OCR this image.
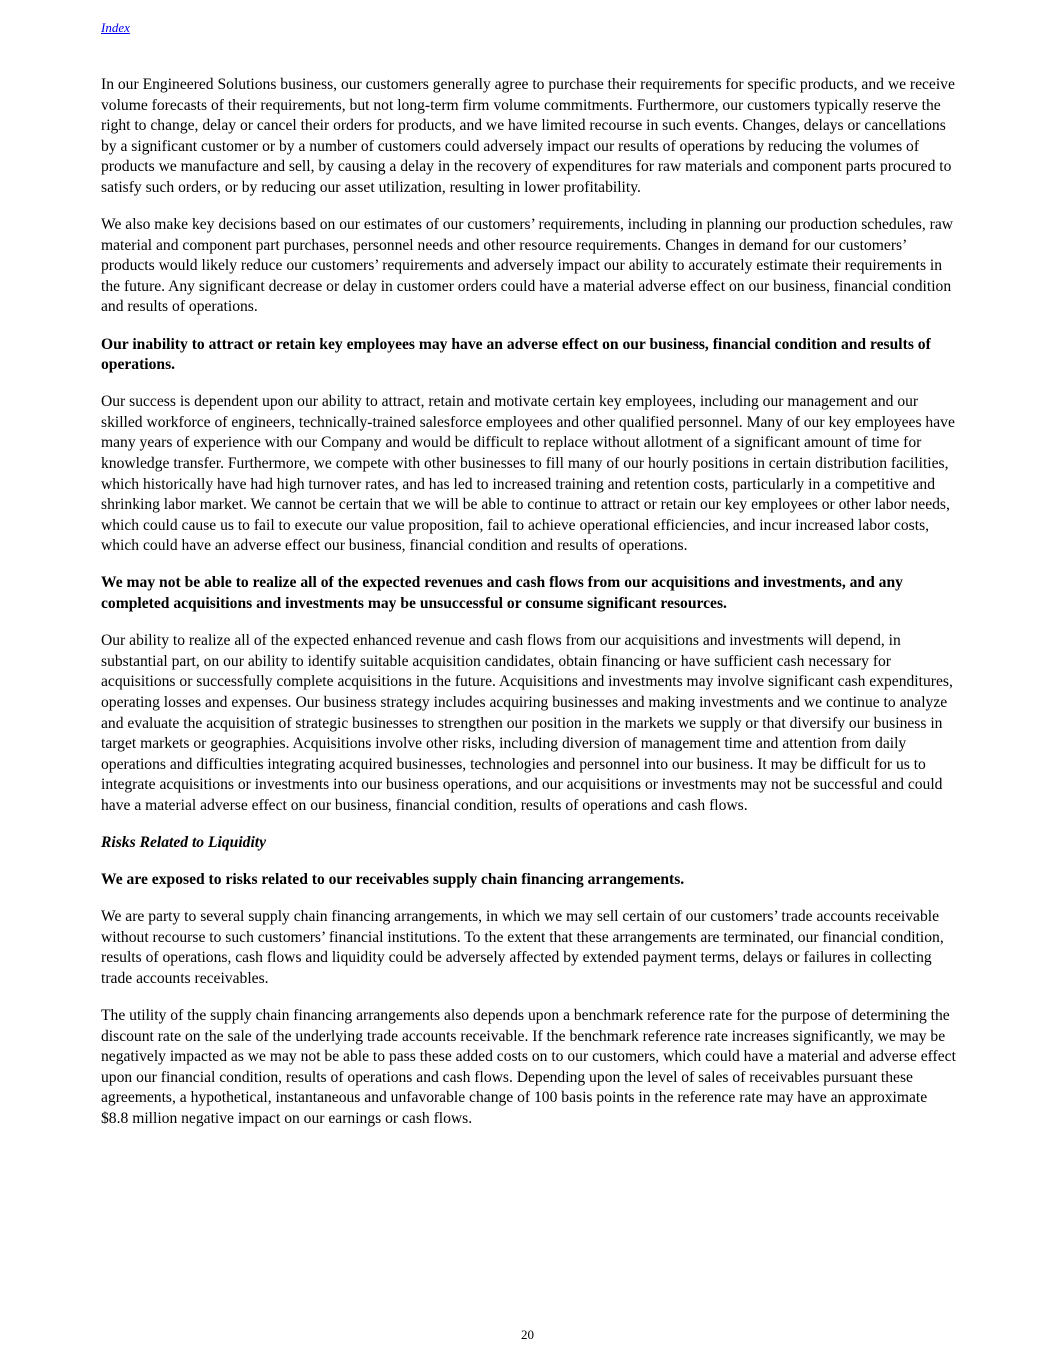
Index

In our Engineered Solutions business, our customers generally agree to purchase their requirements for specific products, and we receive volume forecasts of their requirements, but not long-term firm volume commitments. Furthermore, our customers typically reserve the right to change, delay or cancel their orders for products, and we have limited recourse in such events. Changes, delays or cancellations by a significant customer or by a number of customers could adversely impact our results of operations by reducing the volumes of products we manufacture and sell, by causing a delay in the recovery of expenditures for raw materials and component parts procured to satisfy such orders, or by reducing our asset utilization, resulting in lower profitability.

We also make key decisions based on our estimates of our customers’ requirements, including in planning our production schedules, raw material and component part purchases, personnel needs and other resource requirements. Changes in demand for our customers’ products would likely reduce our customers’ requirements and adversely impact our ability to accurately estimate their requirements in the future. Any significant decrease or delay in customer orders could have a material adverse effect on our business, financial condition and results of operations.

Our inability to attract or retain key employees may have an adverse effect on our business, financial condition and results of operations.

Our success is dependent upon our ability to attract, retain and motivate certain key employees, including our management and our skilled workforce of engineers, technically-trained salesforce employees and other qualified personnel. Many of our key employees have many years of experience with our Company and would be difficult to replace without allotment of a significant amount of time for knowledge transfer. Furthermore, we compete with other businesses to fill many of our hourly positions in certain distribution facilities, which historically have had high turnover rates, and has led to increased training and retention costs, particularly in a competitive and shrinking labor market. We cannot be certain that we will be able to continue to attract or retain our key employees or other labor needs, which could cause us to fail to execute our value proposition, fail to achieve operational efficiencies, and incur increased labor costs, which could have an adverse effect our business, financial condition and results of operations.

We may not be able to realize all of the expected revenues and cash flows from our acquisitions and investments, and any completed acquisitions and investments may be unsuccessful or consume significant resources.

Our ability to realize all of the expected enhanced revenue and cash flows from our acquisitions and investments will depend, in substantial part, on our ability to identify suitable acquisition candidates, obtain financing or have sufficient cash necessary for acquisitions or successfully complete acquisitions in the future. Acquisitions and investments may involve significant cash expenditures, operating losses and expenses. Our business strategy includes acquiring businesses and making investments and we continue to analyze and evaluate the acquisition of strategic businesses to strengthen our position in the markets we supply or that diversify our business in target markets or geographies. Acquisitions involve other risks, including diversion of management time and attention from daily operations and difficulties integrating acquired businesses, technologies and personnel into our business. It may be difficult for us to integrate acquisitions or investments into our business operations, and our acquisitions or investments may not be successful and could have a material adverse effect on our business, financial condition, results of operations and cash flows.

Risks Related to Liquidity

We are exposed to risks related to our receivables supply chain financing arrangements.

We are party to several supply chain financing arrangements, in which we may sell certain of our customers’ trade accounts receivable without recourse to such customers’ financial institutions. To the extent that these arrangements are terminated, our financial condition, results of operations, cash flows and liquidity could be adversely affected by extended payment terms, delays or failures in collecting trade accounts receivables.

The utility of the supply chain financing arrangements also depends upon a benchmark reference rate for the purpose of determining the discount rate on the sale of the underlying trade accounts receivable. If the benchmark reference rate increases significantly, we may be negatively impacted as we may not be able to pass these added costs on to our customers, which could have a material and adverse effect upon our financial condition, results of operations and cash flows. Depending upon the level of sales of receivables pursuant these agreements, a hypothetical, instantaneous and unfavorable change of 100 basis points in the reference rate may have an approximate $8.8 million negative impact on our earnings or cash flows.

20
